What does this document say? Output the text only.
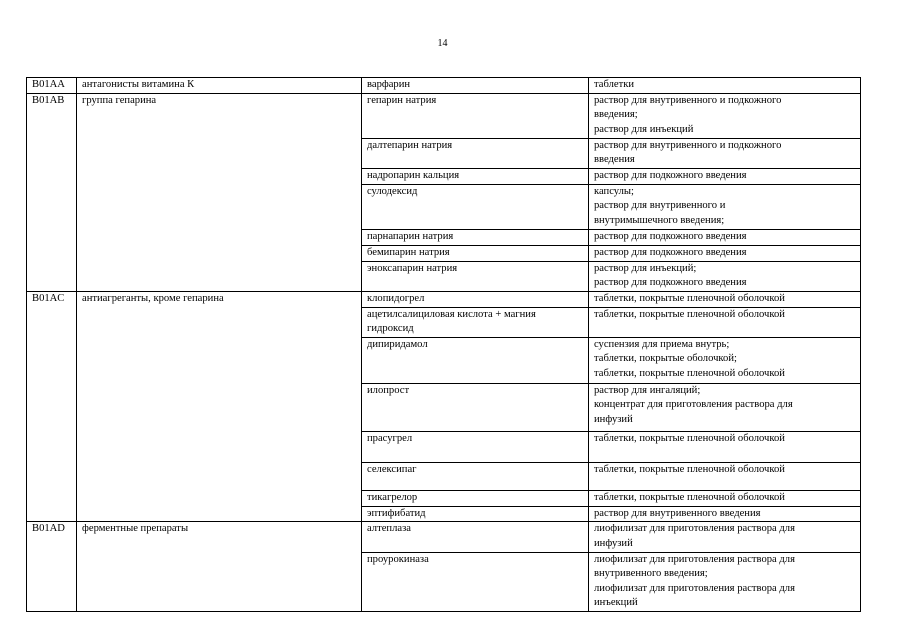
14
B01AA	антагонисты витамина К	варфарин	таблетки

B01AB	группа гепарина	гепарин натрия	раствор для внутривенного и подкожного
введения;
раствор для инъекций

		далтепарин натрия	раствор для внутривенного и подкожного
введения

		надропарин кальция	раствор для подкожного введения

		сулодексид	капсулы;
раствор для внутривенного и
внутримышечного введения;

		парнапарин натрия	раствор для подкожного введения

		бемипарин натрия	раствор для подкожного введения

		эноксапарин натрия	раствор для инъекций;
раствор для подкожного введения

B01AC	антиагреганты, кроме гепарина	клопидогрел	таблетки, покрытые пленочной оболочкой

		ацетилсалициловая кислота + магния
гидроксид	таблетки, покрытые пленочной оболочкой

		дипиридамол	суспензия для приема внутрь;
таблетки, покрытые оболочкой;
таблетки, покрытые пленочной оболочкой

		илопрост	раствор для ингаляций;
концентрат для приготовления раствора для
инфузий

		прасугрел	таблетки, покрытые пленочной оболочкой

		селексипаг	таблетки, покрытые пленочной оболочкой

		тикагрелор	таблетки, покрытые пленочной оболочкой

		эптифибатид	раствор для внутривенного введения

B01AD	ферментные препараты	алтеплаза	лиофилизат для приготовления раствора для
инфузий

		проурокиназа	лиофилизат для приготовления раствора для
внутривенного введения;
лиофилизат для приготовления раствора для
инъекций
